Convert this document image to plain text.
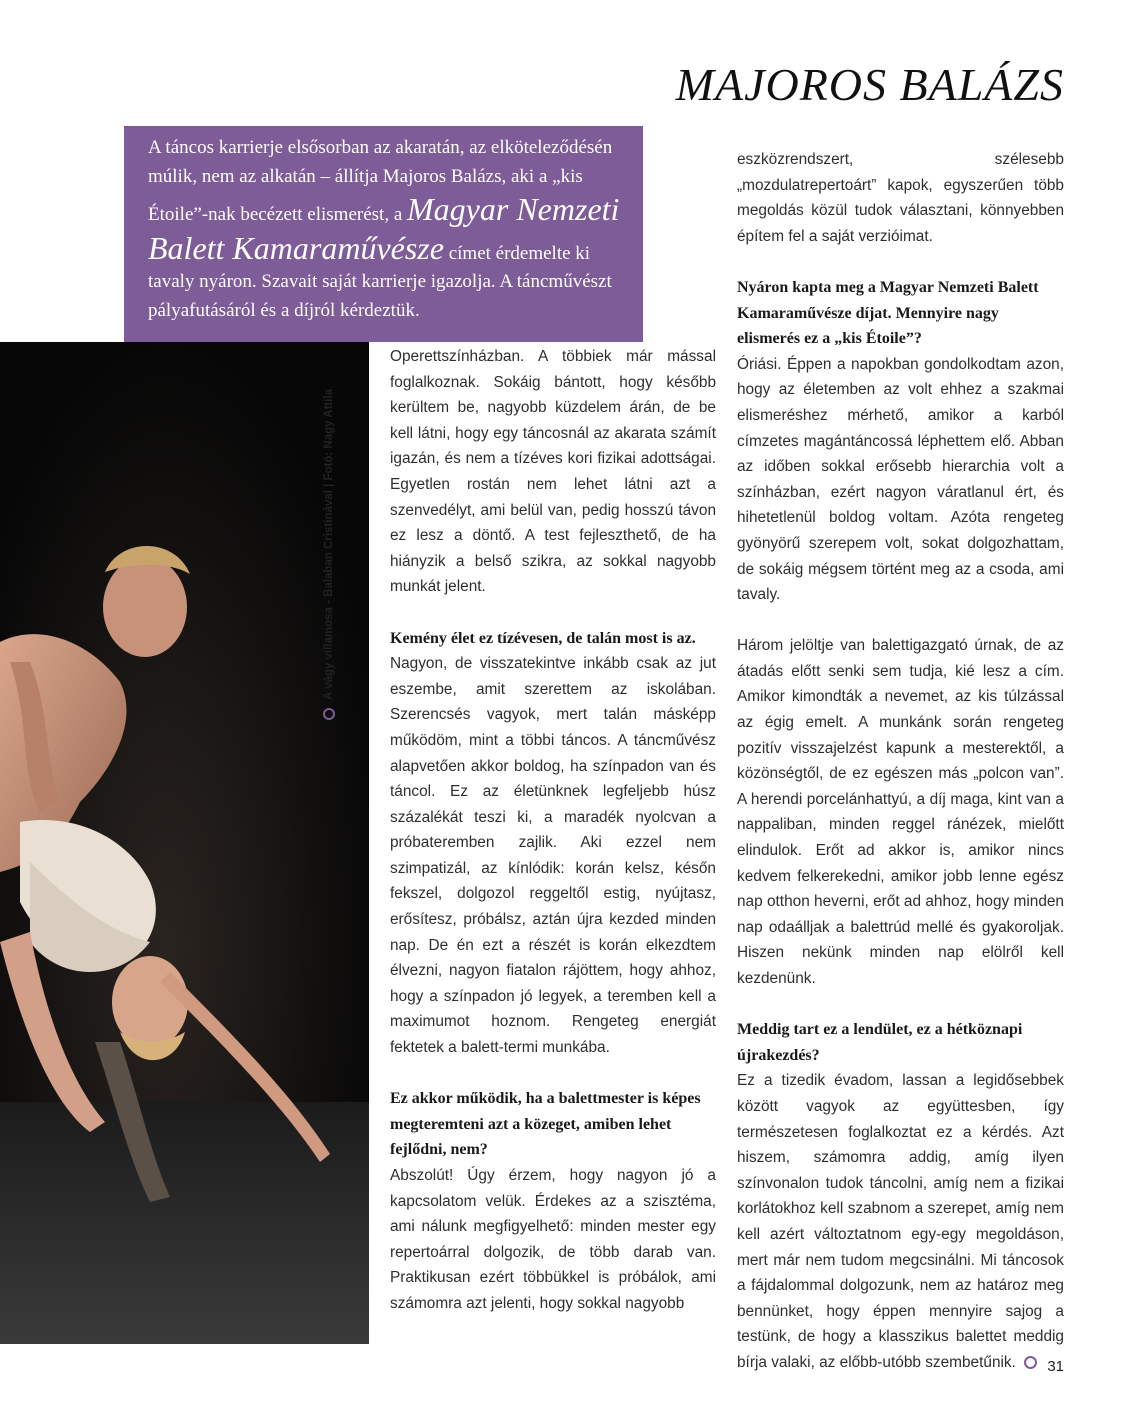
MAJOROS BALÁZS
A táncos karrierje elsősorban az akaratán, az elköteleződésén múlik, nem az alkatán – állítja Majoros Balázs, aki a „kis Étoile”-nak becézett elismerést, a Magyar Nemzeti Balett Kamaraművésze címet érdemelte ki tavaly nyáron. Szavait saját karrierje igazolja. A táncművészt pályafutásáról és a díjról kérdeztük.
A vágy villamosa - Balaban Cristinával | Fotó: Nagy Attila

Operettszínházban. A többiek már mással foglalkoznak. Sokáig bántott, hogy később kerültem be, nagyobb küzdelem árán, de be kell látni, hogy egy táncosnál az akarata számít igazán, és nem a tízéves kori fizikai adottságai. Egyetlen rostán nem lehet látni azt a szenvedélyt, ami belül van, pedig hosszú távon ez lesz a döntő. A test fejleszthető, de ha hiányzik a belső szikra, az sokkal nagyobb munkát jelent.

Kemény élet ez tízévesen, de talán most is az.

Nagyon, de visszatekintve inkább csak az jut eszembe, amit szerettem az iskolában. Szerencsés vagyok, mert talán másképp működöm, mint a többi táncos. A táncművész alapvetően akkor boldog, ha színpadon van és táncol. Ez az életünknek legfeljebb húsz százalékát teszi ki, a maradék nyolcvan a próbateremben zajlik. Aki ezzel nem szimpatizál, az kínlódik: korán kelsz, későn fekszel, dolgozol reggeltől estig, nyújtasz, erősítesz, próbálsz, aztán újra kezded minden nap. De én ezt a részét is korán elkezdtem élvezni, nagyon fiatalon rájöttem, hogy ahhoz, hogy a színpadon jó legyek, a teremben kell a maximumot hoznom. Rengeteg energiát fektetek a balett-termi munkába.

Ez akkor működik, ha a balettmester is képes megteremteni azt a közeget, amiben lehet fejlődni, nem?

Abszolút! Úgy érzem, hogy nagyon jó a kapcsolatom velük. Érdekes az a szisztéma, ami nálunk megfigyelhető: minden mester egy repertoárral dolgozik, de több darab van. Praktikusan ezért többükkel is próbálok, ami számomra azt jelenti, hogy sokkal nagyobb

eszközrendszert, szélesebb „mozdulatrepertoárt” kapok, egyszerűen több megoldás közül tudok választani, könnyebben építem fel a saját verzióimat.

Nyáron kapta meg a Magyar Nemzeti Balett Kamaraművésze díjat. Mennyire nagy elismerés ez a „kis Étoile”?

Óriási. Éppen a napokban gondolkodtam azon, hogy az életemben az volt ehhez a szakmai elismeréshez mérhető, amikor a karból címzetes magántáncossá léphettem elő. Abban az időben sokkal erősebb hierarchia volt a színházban, ezért nagyon váratlanul ért, és hihetetlenül boldog voltam. Azóta rengeteg gyönyörű szerepem volt, sokat dolgozhattam, de sokáig mégsem történt meg az a csoda, ami tavaly.

Három jelöltje van balettigazgató úrnak, de az átadás előtt senki sem tudja, kié lesz a cím. Amikor kimondták a nevemet, az kis túlzással az égig emelt. A munkánk során rengeteg pozitív visszajelzést kapunk a mesterektől, a közönségtől, de ez egészen más „polcon van”. A herendi porcelánhattyú, a díj maga, kint van a nappaliban, minden reggel ránézek, mielőtt elindulok. Erőt ad akkor is, amikor nincs kedvem felkerekedni, amikor jobb lenne egész nap otthon heverni, erőt ad ahhoz, hogy minden nap odaálljak a balettrúd mellé és gyakoroljak. Hiszen nekünk minden nap elölről kell kezdenünk.

Meddig tart ez a lendület, ez a hétköznapi újrakezdés?

Ez a tizedik évadom, lassan a legidősebbek között vagyok az együttesben, így természetesen foglalkoztat ez a kérdés. Azt hiszem, számomra addig, amíg ilyen színvonalon tudok táncolni, amíg nem a fizikai korlátokhoz kell szabnom a szerepet, amíg nem kell azért változtatnom egy-egy megoldáson, mert már nem tudom megcsinálni. Mi táncosok a fájdalommal dolgozunk, nem az határoz meg bennünket, hogy éppen mennyire sajog a testünk, de hogy a klasszikus balettet meddig bírja valaki, az előbb-utóbb szembetűnik.	31
